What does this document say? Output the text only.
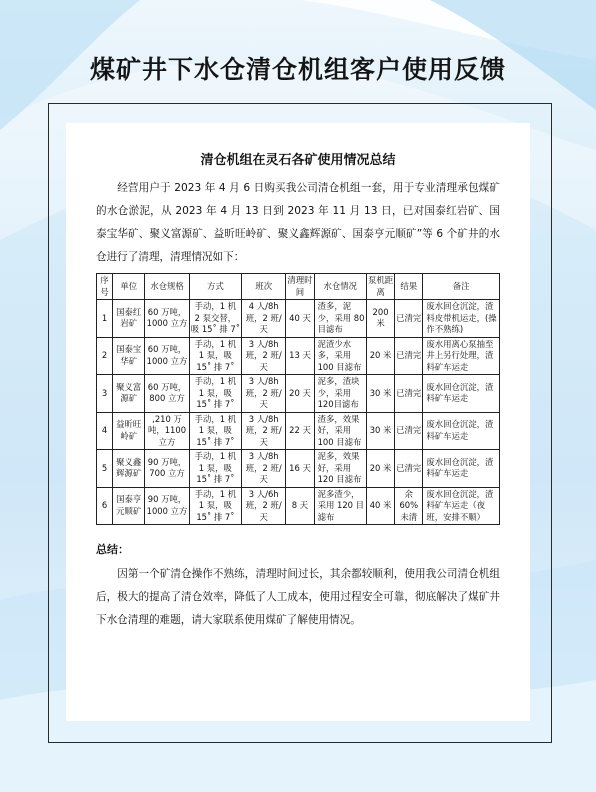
煤矿井下水仓清仓机组客户使用反馈
清仓机组在灵石各矿使用情况总结

经营用户于 2023 年 4 月 6 日购买我公司清仓机组一套，用于专业清理承包煤矿的水仓淤泥，从 2023 年 4 月 13 日到 2023 年 11 月 13 日，已对国泰红岩矿、国泰宝华矿、聚义富源矿、益昕旺岭矿、聚义鑫辉源矿、国泰亨元顺矿”等 6 个矿井的水仓进行了清理，清理情况如下：

序号	单位	水仓规格	方式	班次	清理时间	水仓情况	泵机距离	结果	备注
1	国泰红岩矿	60 万吨，1000 立方	手动，1 机 2 泵交替，吸 15˚ 排 7˚	4 人/8h 班，2 班/天	40 天	渣多，泥少，采用 80 目滤布	200 米	已清完	废水回仓沉淀，渣料皮带机运走，(操作不熟练)
2	国泰宝华矿	60 万吨，1000 立方	手动，1 机 1 泵，吸 15˚ 排 7˚	3 人/8h 班，2 班/天	13 天	泥渣少水多，采用 100 目滤布	20 米	已清完	废水用离心泵抽至井上另行处理，渣料矿车运走
3	聚义富源矿	60 万吨，800 立方	手动，1 机 1 泵，吸 15˚ 排 7˚	3 人/8h 班，2 班/天	20 天	泥多，渣块少，采用120目滤布	30 米	已清完	废水回仓沉淀，渣料矿车运走
4	益昕旺岭矿	,210 万吨，1100 立方	手动，1 机 1 泵，吸 15˚ 排 7˚	3 人/8h 班，2 班/天	22 天	渣多，效果好，采用 100 目滤布	30 米	已清完	废水回仓沉淀，渣料矿车运走
5	聚义鑫辉源矿	90 万吨，700 立方	手动，1 机 1 泵，吸 15˚ 排 7˚	3 人/8h 班，2 班/天	16 天	泥多，效果好，采用 120 目滤布	20 米	已清完	废水回仓沉淀，渣料矿车运走
6	国泰亨元顺矿	90 万吨，1000 立方	手动，1 机 1 泵，吸 15˚ 排 7˚	3 人/6h 班，2 班/天	8 天	泥多渣少，采用 120 目滤布	40 米	余 60% 未清	废水回仓沉淀，渣料矿车运走（夜班，安排不顺）
总结：

因第一个矿清仓操作不熟练，清理时间过长，其余都较顺利，使用我公司清仓机组后，极大的提高了清仓效率，降低了人工成本，使用过程安全可靠，彻底解决了煤矿井下水仓清理的难题，请大家联系使用煤矿了解使用情况。
